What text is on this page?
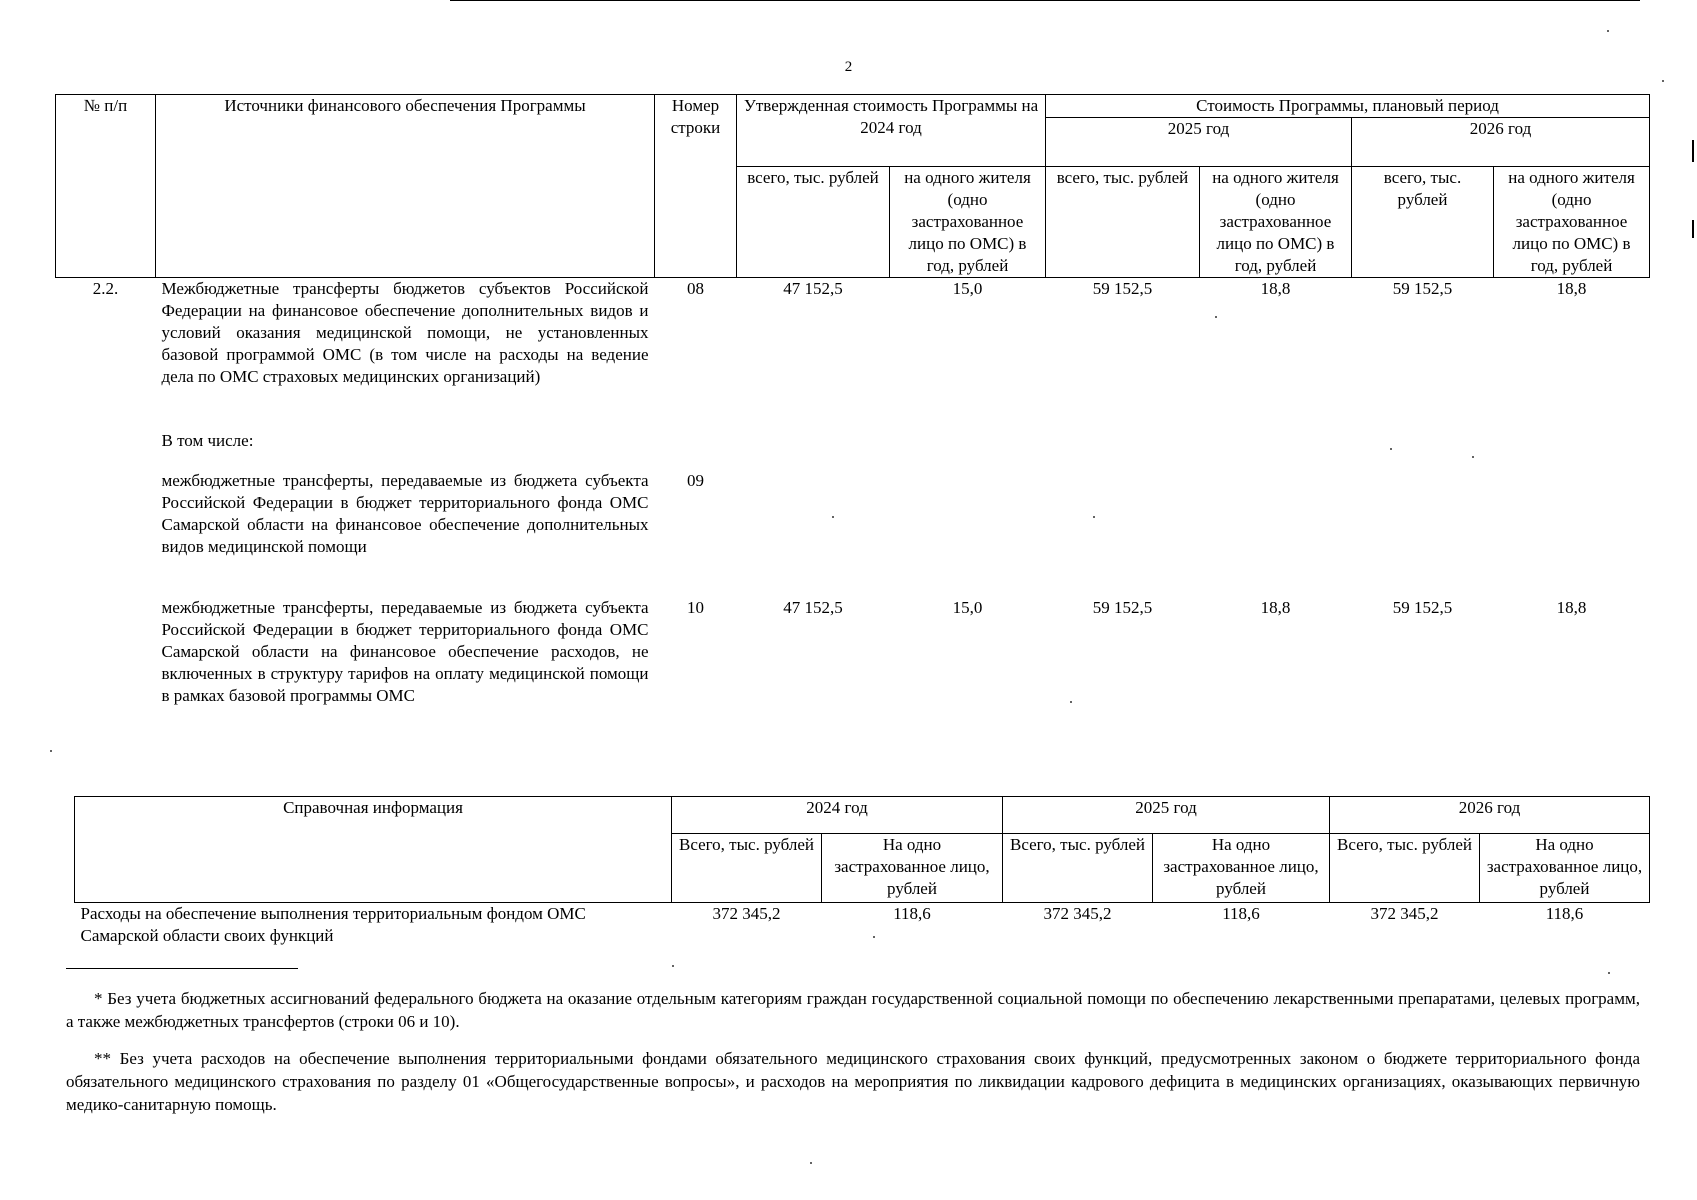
2
№ п/п	Источники финансового обеспечения Программы	Номер строки	Утвержденная стоимость Программы на 2024 год		Стоимость Программы, плановый период			
					2025 год		2026 год	
			всего, тыс. рублей	на одного жителя (одно застрахованное лицо по ОМС) в год, рублей	всего, тыс. рублей	на одного жителя (одно застрахованное лицо по ОМС) в год, рублей	всего, тыс. рублей	на одного жителя (одно застрахованное лицо по ОМС) в год, рублей
2.2.	Межбюджетные трансферты бюджетов субъектов Российской Федерации на финансовое обеспечение дополнительных видов и условий оказания медицинской помощи, не установленных базовой программой ОМС (в том числе на расходы на ведение дела по ОМС страховых медицинских организаций)	08	47 152,5	15,0	59 152,5	18,8	59 152,5	18,8
	В том числе:							
	межбюджетные трансферты, передаваемые из бюджета субъекта Российской Федерации в бюджет территориального фонда ОМС Самарской области на финансовое обеспечение дополнительных видов медицинской помощи	09						
	межбюджетные трансферты, передаваемые из бюджета субъекта Российской Федерации в бюджет территориального фонда ОМС Самарской области на финансовое обеспечение расходов, не включенных в структуру тарифов на оплату медицинской помощи в рамках базовой программы ОМС	10	47 152,5	15,0	59 152,5	18,8	59 152,5	18,8
Справочная информация	2024 год		2025 год		2026 год	
	Всего, тыс. рублей	На одно застрахованное лицо, рублей	Всего, тыс. рублей	На одно застрахованное лицо, рублей	Всего, тыс. рублей	На одно застрахованное лицо, рублей
Расходы на обеспечение выполнения территориальным фондом ОМС Самарской области своих функций	372 345,2	118,6	372 345,2	118,6	372 345,2	118,6
* Без учета бюджетных ассигнований федерального бюджета на оказание отдельным категориям граждан государственной социальной помощи по обеспечению лекарственными препаратами, целевых программ, а также межбюджетных трансфертов (строки 06 и 10).
** Без учета расходов на обеспечение выполнения территориальными фондами обязательного медицинского страхования своих функций, предусмотренных законом о бюджете территориального фонда обязательного медицинского страхования по разделу 01 «Общегосударственные вопросы», и расходов на мероприятия по ликвидации кадрового дефицита в медицинских организациях, оказывающих первичную медико-санитарную помощь.
